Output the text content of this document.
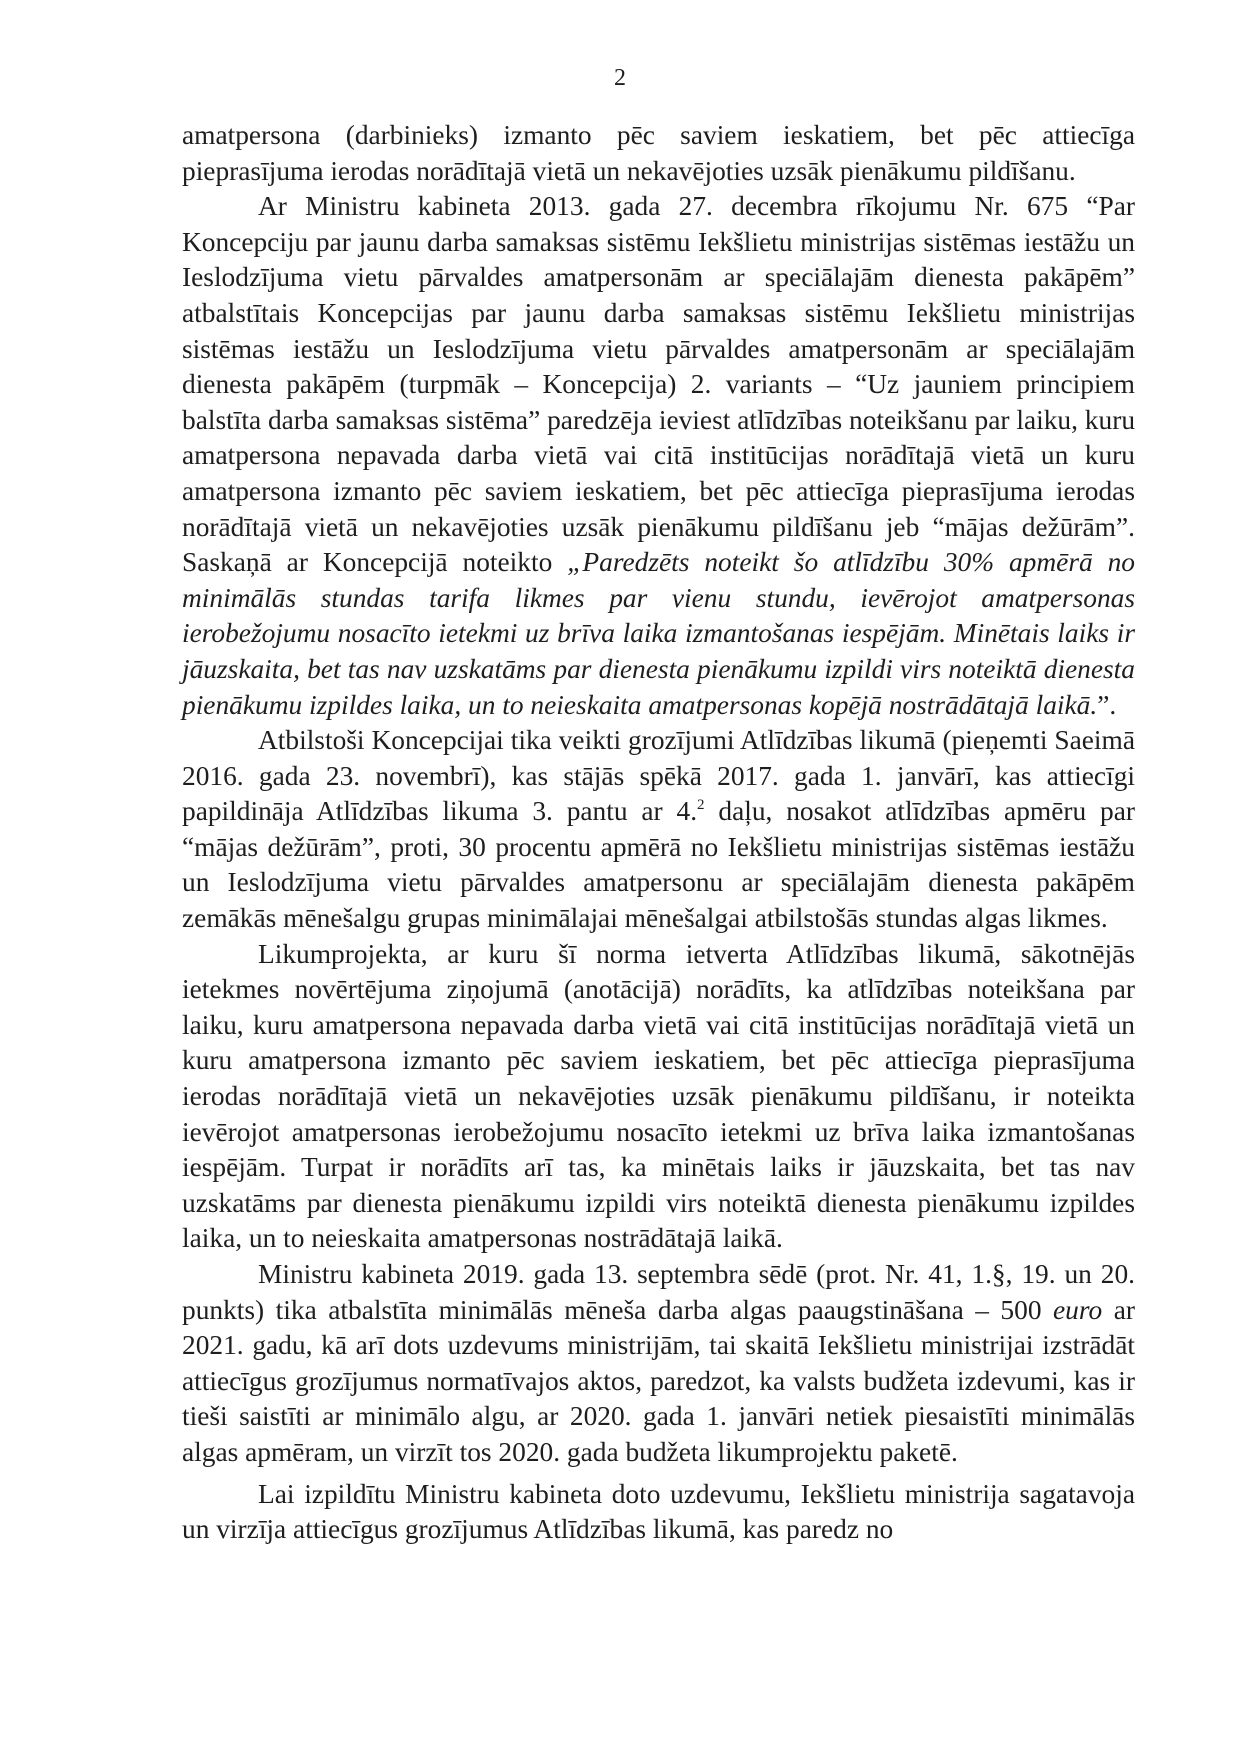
2

amatpersona (darbinieks) izmanto pēc saviem ieskatiem, bet pēc attiecīga pieprasījuma ierodas norādītajā vietā un nekavējoties uzsāk pienākumu pildīšanu.

Ar Ministru kabineta 2013. gada 27. decembra rīkojumu Nr. 675 “Par Koncepciju par jaunu darba samaksas sistēmu Iekšlietu ministrijas sistēmas iestāžu un Ieslodzījuma vietu pārvaldes amatpersonām ar speciālajām dienesta pakāpēm” atbalstītais Koncepcijas par jaunu darba samaksas sistēmu Iekšlietu ministrijas sistēmas iestāžu un Ieslodzījuma vietu pārvaldes amatpersonām ar speciālajām dienesta pakāpēm (turpmāk – Koncepcija) 2. variants – “Uz jauniem principiem balstīta darba samaksas sistēma” paredzēja ieviest atlīdzības noteikšanu par laiku, kuru amatpersona nepavada darba vietā vai citā institūcijas norādītajā vietā un kuru amatpersona izmanto pēc saviem ieskatiem, bet pēc attiecīga pieprasījuma ierodas norādītajā vietā un nekavējoties uzsāk pienākumu pildīšanu jeb “mājas dežūrām”. Saskaņā ar Koncepcijā noteikto „Paredzēts noteikt šo atlīdzību 30% apmērā no minimālās stundas tarifa likmes par vienu stundu, ievērojot amatpersonas ierobežojumu nosacīto ietekmi uz brīva laika izmantošanas iespējām. Minētais laiks ir jāuzskaita, bet tas nav uzskatāms par dienesta pienākumu izpildi virs noteiktā dienesta pienākumu izpildes laika, un to neieskaita amatpersonas kopējā nostrādātajā laikā.”.

Atbilstoši Koncepcijai tika veikti grozījumi Atlīdzības likumā (pieņemti Saeimā 2016. gada 23. novembrī), kas stājās spēkā 2017. gada 1. janvārī, kas attiecīgi papildināja Atlīdzības likuma 3. pantu ar 4.$^2$ daļu, nosakot atlīdzības apmēru par “mājas dežūrām”, proti, 30 procentu apmērā no Iekšlietu ministrijas sistēmas iestāžu un Ieslodzījuma vietu pārvaldes amatpersonu ar speciālajām dienesta pakāpēm zemākās mēnešalgu grupas minimālajai mēnešalgai atbilstošās stundas algas likmes.

Likumprojekta, ar kuru šī norma ietverta Atlīdzības likumā, sākotnējās ietekmes novērtējuma ziņojumā (anotācijā) norādīts, ka atlīdzības noteikšana par laiku, kuru amatpersona nepavada darba vietā vai citā institūcijas norādītajā vietā un kuru amatpersona izmanto pēc saviem ieskatiem, bet pēc attiecīga pieprasījuma ierodas norādītajā vietā un nekavējoties uzsāk pienākumu pildīšanu, ir noteikta ievērojot amatpersonas ierobežojumu nosacīto ietekmi uz brīva laika izmantošanas iespējām. Turpat ir norādīts arī tas, ka minētais laiks ir jāuzskaita, bet tas nav uzskatāms par dienesta pienākumu izpildi virs noteiktā dienesta pienākumu izpildes laika, un to neieskaita amatpersonas nostrādātajā laikā.

Ministru kabineta 2019. gada 13. septembra sēdē (prot. Nr. 41, 1.§, 19. un 20. punkts) tika atbalstīta minimālās mēneša darba algas paaugstināšana – 500 euro ar 2021. gadu, kā arī dots uzdevums ministrijām, tai skaitā Iekšlietu ministrijai izstrādāt attiecīgus grozījumus normatīvajos aktos, paredzot, ka valsts budžeta izdevumi, kas ir tieši saistīti ar minimālo algu, ar 2020. gada 1. janvāri netiek piesaistīti minimālās algas apmēram, un virzīt tos 2020. gada budžeta likumprojektu paketē.

Lai izpildītu Ministru kabineta doto uzdevumu, Iekšlietu ministrija sagatavoja un virzīja attiecīgus grozījumus Atlīdzības likumā, kas paredz no
